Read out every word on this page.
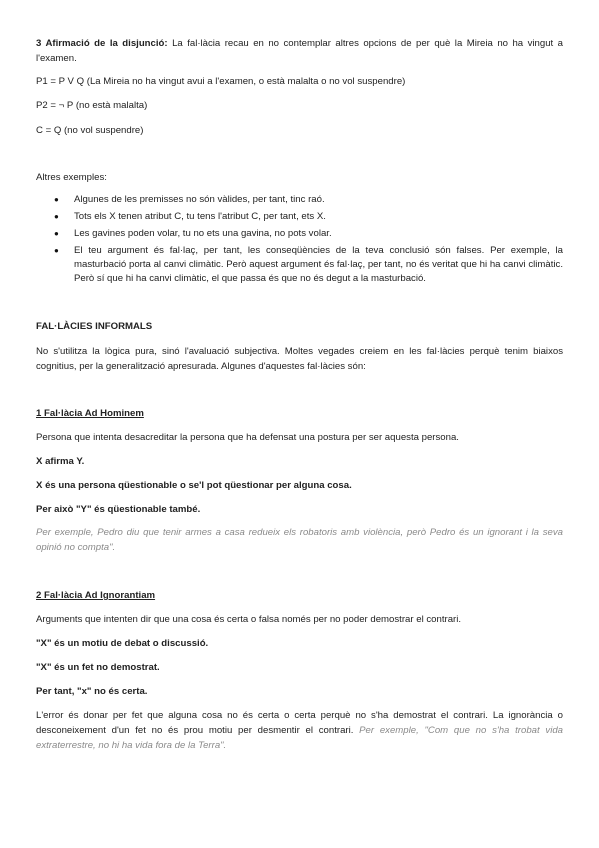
3 Afirmació de la disjunció: La fal·làcia recau en no contemplar altres opcions de per què la Mireia no ha vingut a l'examen.
P1 = P V Q (La Mireia no ha vingut avui a l'examen, o està malalta o no vol suspendre)
P2 = ¬ P (no està malalta)
C = Q (no vol suspendre)
Altres exemples:
● Algunes de les premisses no són vàlides, per tant, tinc raó.
● Tots els X tenen atribut C, tu tens l'atribut C, per tant, ets X.
● Les gavines poden volar, tu no ets una gavina, no pots volar.
● El teu argument és fal·laç, per tant, les conseqüències de la teva conclusió són falses. Per exemple, la masturbació porta al canvi climàtic. Però aquest argument és fal·laç, per tant, no és veritat que hi ha canvi climàtic. Però sí que hi ha canvi climàtic, el que passa és que no és degut a la masturbació.
FAL·LÀCIES INFORMALS
No s'utilitza la lògica pura, sinó l'avaluació subjectiva. Moltes vegades creiem en les fal·làcies perquè tenim biaixos cognitius, per la generalització apresurada. Algunes d'aquestes fal·làcies són:
1 Fal·làcia Ad Hominem
Persona que intenta desacreditar la persona que ha defensat una postura per ser aquesta persona.
X afirma Y.
X és una persona qüestionable o se'l pot qüestionar per alguna cosa.
Per això "Y" és qüestionable també.
Per exemple, Pedro diu que tenir armes a casa redueix els robatoris amb violència, però Pedro és un ignorant i la seva opinió no compta".
2 Fal·làcia Ad Ignorantiam
Arguments que intenten dir que una cosa és certa o falsa només per no poder demostrar el contrari.
"X" és un motiu de debat o discussió.
"X" és un fet no demostrat.
Per tant, "x" no és certa.
L'error és donar per fet que alguna cosa no és certa o certa perquè no s'ha demostrat el contrari. La ignorància o desconeixement d'un fet no és prou motiu per desmentir el contrari. Per exemple, "Com que no s'ha trobat vida extraterrestre, no hi ha vida fora de la Terra".
